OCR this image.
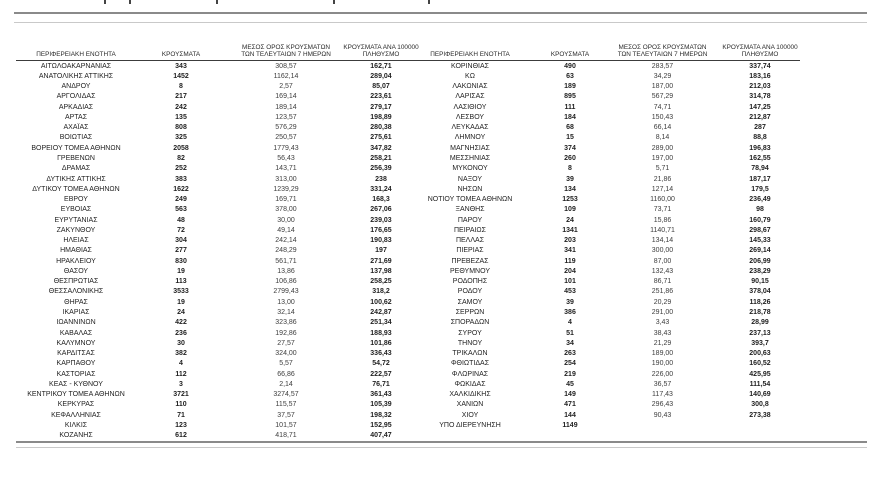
ΠΕΡΙΦΕΡΕΙΑΚΗ ΕΝΟΤΗΤΑ	ΚΡΟΥΣΜΑΤΑ
ΜΕΣΟΣ ΟΡΟΣ ΚΡΟΥΣΜΑΤΩΝ
ΤΩΝ ΤΕΛΕΥΤΑΙΩΝ 7 ΗΜΕΡΩΝ
ΚΡΟΥΣΜΑΤΑ ΑΝΑ 100000
ΠΛΗΘΥΣΜΟ
ΑΙΤΩΛΟΑΚΑΡΝΑΝΙΑΣ	343	308,57	162,71
ΑΝΑΤΟΛΙΚΗΣ ΑΤΤΙΚΗΣ	1452	1162,14	289,04
ΑΝΔΡΟΥ	8	2,57	85,07
ΑΡΓΟΛΙΔΑΣ	217	169,14	223,61
ΑΡΚΑΔΙΑΣ	242	189,14	279,17
ΑΡΤΑΣ	135	123,57	198,89
ΑΧΑΪΑΣ	808	576,29	280,38
ΒΟΙΩΤΙΑΣ	325	250,57	275,61
ΒΟΡΕΙΟΥ ΤΟΜΕΑ ΑΘΗΝΩΝ	2058	1779,43	347,82
ΓΡΕΒΕΝΩΝ	82	56,43	258,21
ΔΡΑΜΑΣ	252	143,71	256,39
ΔΥΤΙΚΗΣ ΑΤΤΙΚΗΣ	383	313,00	238
ΔΥΤΙΚΟΥ ΤΟΜΕΑ ΑΘΗΝΩΝ	1622	1239,29	331,24
ΕΒΡΟΥ	249	169,71	168,3
ΕΥΒΟΙΑΣ	563	378,00	267,06
ΕΥΡΥΤΑΝΙΑΣ	48	30,00	239,03
ΖΑΚΥΝΘΟΥ	72	49,14	176,65
ΗΛΕΙΑΣ	304	242,14	190,83
ΗΜΑΘΙΑΣ	277	248,29	197
ΗΡΑΚΛΕΙΟΥ	830	561,71	271,69
ΘΑΣΟΥ	19	13,86	137,98
ΘΕΣΠΡΩΤΙΑΣ	113	106,86	258,25
ΘΕΣΣΑΛΟΝΙΚΗΣ	3533	2799,43	318,2
ΘΗΡΑΣ	19	13,00	100,62
ΙΚΑΡΙΑΣ	24	32,14	242,87
ΙΩΑΝΝΙΝΩΝ	422	323,86	251,34
ΚΑΒΑΛΑΣ	236	192,86	188,93
ΚΑΛΥΜΝΟΥ	30	27,57	101,86
ΚΑΡΔΙΤΣΑΣ	382	324,00	336,43
ΚΑΡΠΑΘΟΥ	4	5,57	54,72
ΚΑΣΤΟΡΙΑΣ	112	66,86	222,57
ΚΕΑΣ - ΚΥΘΝΟΥ	3	2,14	76,71
ΚΕΝΤΡΙΚΟΥ ΤΟΜΕΑ ΑΘΗΝΩΝ	3721	3274,57	361,43
ΚΕΡΚΥΡΑΣ	110	115,57	105,39
ΚΕΦΑΛΛΗΝΙΑΣ	71	37,57	198,32
ΚΙΛΚΙΣ	123	101,57	152,95
ΚΟΖΑΝΗΣ	612	418,71	407,47
ΠΕΡΙΦΕΡΕΙΑΚΗ ΕΝΟΤΗΤΑ	ΚΡΟΥΣΜΑΤΑ
ΜΕΣΟΣ ΟΡΟΣ ΚΡΟΥΣΜΑΤΩΝ
ΤΩΝ ΤΕΛΕΥΤΑΙΩΝ 7 ΗΜΕΡΩΝ
ΚΡΟΥΣΜΑΤΑ ΑΝΑ 100000
ΠΛΗΘΥΣΜΟ
ΚΟΡΙΝΘΙΑΣ	490	283,57	337,74
ΚΩ	63	34,29	183,16
ΛΑΚΩΝΙΑΣ	189	187,00	212,03
ΛΑΡΙΣΑΣ	895	567,29	314,78
ΛΑΣΙΘΙΟΥ	111	74,71	147,25
ΛΕΣΒΟΥ	184	150,43	212,87
ΛΕΥΚΑΔΑΣ	68	66,14	287
ΛΗΜΝΟΥ	15	8,14	88,8
ΜΑΓΝΗΣΙΑΣ	374	289,00	196,83
ΜΕΣΣΗΝΙΑΣ	260	197,00	162,55
ΜΥΚΟΝΟΥ	8	5,71	78,94
ΝΑΞΟΥ	39	21,86	187,17
ΝΗΣΩΝ	134	127,14	179,5
ΝΟΤΙΟΥ ΤΟΜΕΑ ΑΘΗΝΩΝ	1253	1160,00	236,49
ΞΑΝΘΗΣ	109	73,71	98
ΠΑΡΟΥ	24	15,86	160,79
ΠΕΙΡΑΙΩΣ	1341	1140,71	298,67
ΠΕΛΛΑΣ	203	134,14	145,33
ΠΙΕΡΙΑΣ	341	300,00	269,14
ΠΡΕΒΕΖΑΣ	119	87,00	206,99
ΡΕΘΥΜΝΟΥ	204	132,43	238,29
ΡΟΔΟΠΗΣ	101	86,71	90,15
ΡΟΔΟΥ	453	251,86	378,04
ΣΑΜΟΥ	39	20,29	118,26
ΣΕΡΡΩΝ	386	291,00	218,78
ΣΠΟΡΑΔΩΝ	4	3,43	28,99
ΣΥΡΟΥ	51	38,43	237,13
ΤΗΝΟΥ	34	21,29	393,7
ΤΡΙΚΑΛΩΝ	263	189,00	200,63
ΦΘΙΩΤΙΔΑΣ	254	190,00	160,52
ΦΛΩΡΙΝΑΣ	219	226,00	425,95
ΦΩΚΙΔΑΣ	45	36,57	111,54
ΧΑΛΚΙΔΙΚΗΣ	149	117,43	140,69
ΧΑΝΙΩΝ	471	296,43	300,8
ΧΙΟΥ	144	90,43	273,38
ΥΠΟ ΔΙΕΡΕΥΝΗΣΗ	1149
